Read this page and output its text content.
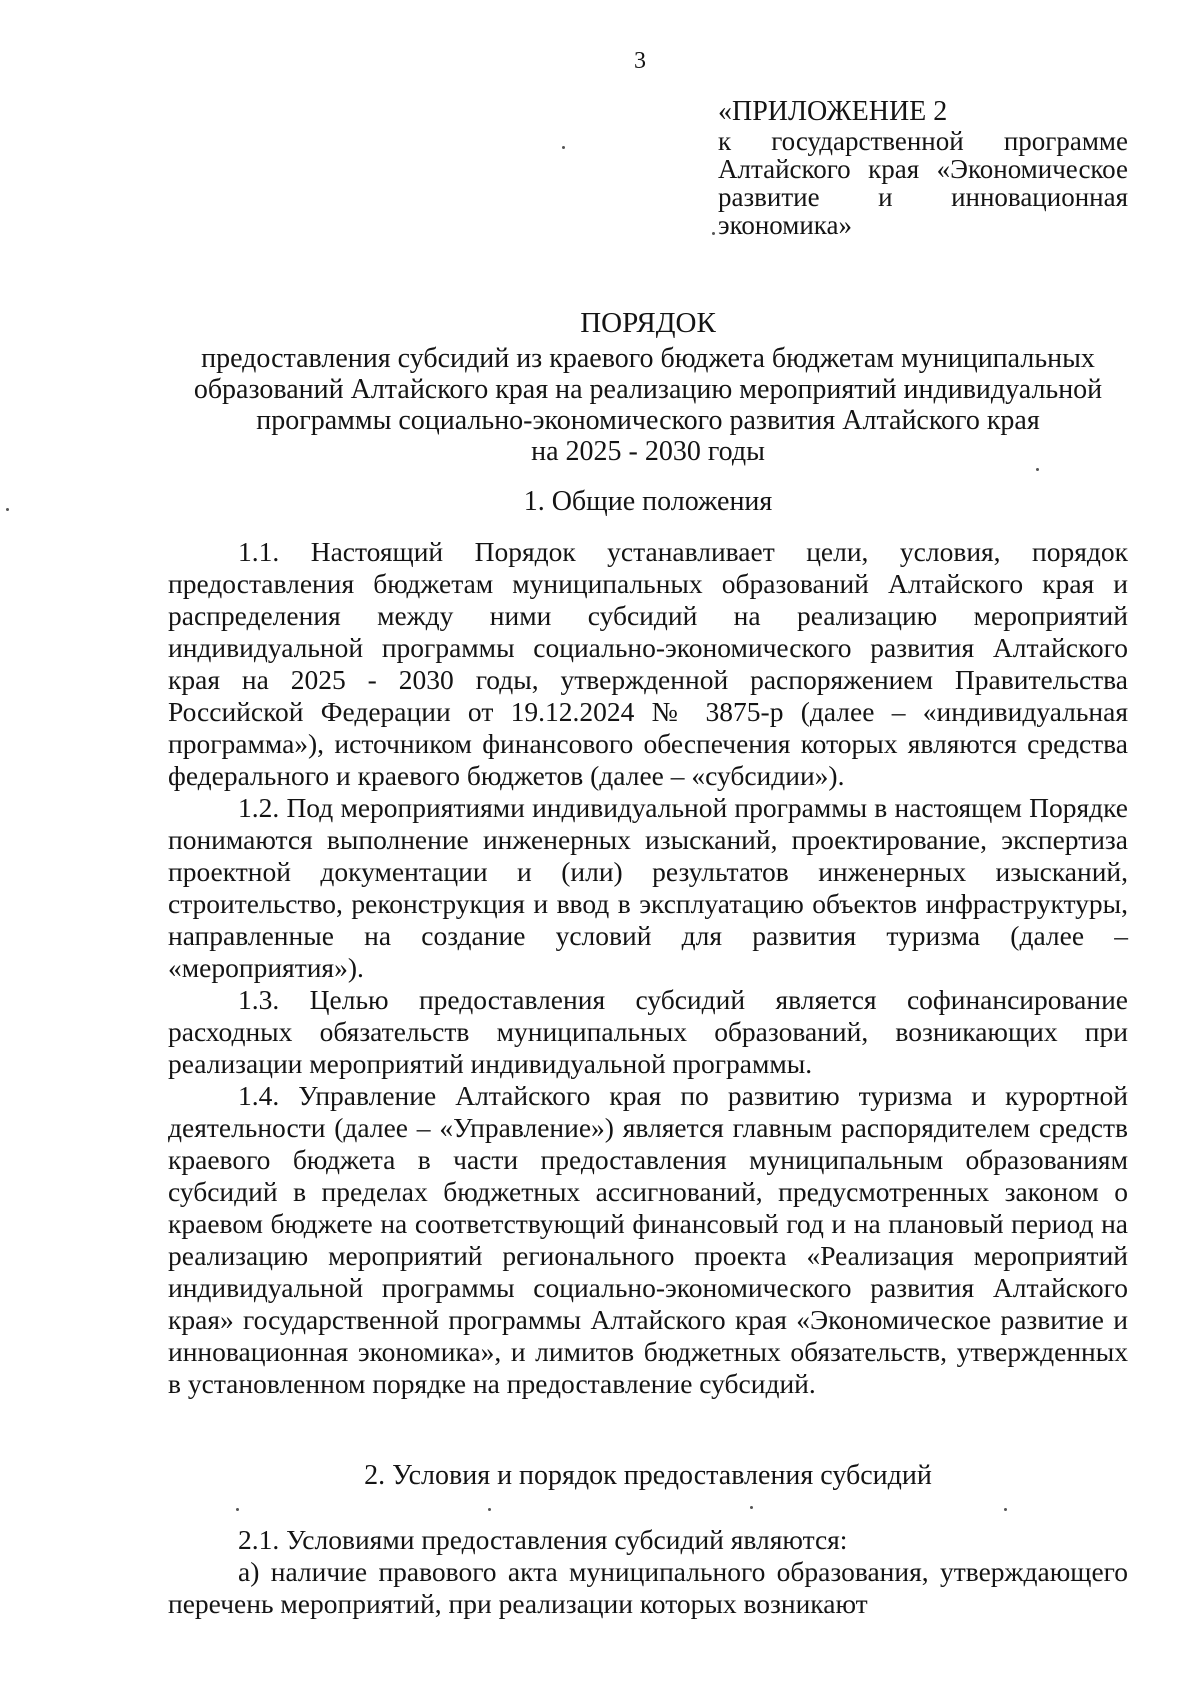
3
«ПРИЛОЖЕНИЕ 2
к государственной программе Алтайского края «Экономическое развитие и инновационная экономика»
ПОРЯДОК
предоставления субсидий из краевого бюджета бюджетам муниципальных
образований Алтайского края на реализацию мероприятий индивидуальной
программы социально-экономического развития Алтайского края
на 2025 - 2030 годы
1. Общие положения

1.1. Настоящий Порядок устанавливает цели, условия, порядок предоставления бюджетам муниципальных образований Алтайского края и распределения между ними субсидий на реализацию мероприятий индивидуальной программы социально-экономического развития Алтайского края на 2025 - 2030 годы, утвержденной распоряжением Правительства Российской Федерации от 19.12.2024 № 3875-р (далее – «индивидуальная программа»), источником финансового обеспечения которых являются средства федерального и краевого бюджетов (далее – «субсидии»).

1.2. Под мероприятиями индивидуальной программы в настоящем Порядке понимаются выполнение инженерных изысканий, проектирование, экспертиза проектной документации и (или) результатов инженерных изысканий, строительство, реконструкция и ввод в эксплуатацию объектов инфраструктуры, направленные на создание условий для развития туризма (далее – «мероприятия»).

1.3. Целью предоставления субсидий является софинансирование расходных обязательств муниципальных образований, возникающих при реализации мероприятий индивидуальной программы.

1.4. Управление Алтайского края по развитию туризма и курортной деятельности (далее – «Управление») является главным распорядителем средств краевого бюджета в части предоставления муниципальным образованиям субсидий в пределах бюджетных ассигнований, предусмотренных законом о краевом бюджете на соответствующий финансовый год и на плановый период на реализацию мероприятий регионального проекта «Реализация мероприятий индивидуальной программы социально-экономического развития Алтайского края» государственной программы Алтайского края «Экономическое развитие и инновационная экономика», и лимитов бюджетных обязательств, утвержденных в установленном порядке на предоставление субсидий.

2. Условия и порядок предоставления субсидий

2.1. Условиями предоставления субсидий являются:

а) наличие правового акта муниципального образования, утверждающего перечень мероприятий, при реализации которых возникают
